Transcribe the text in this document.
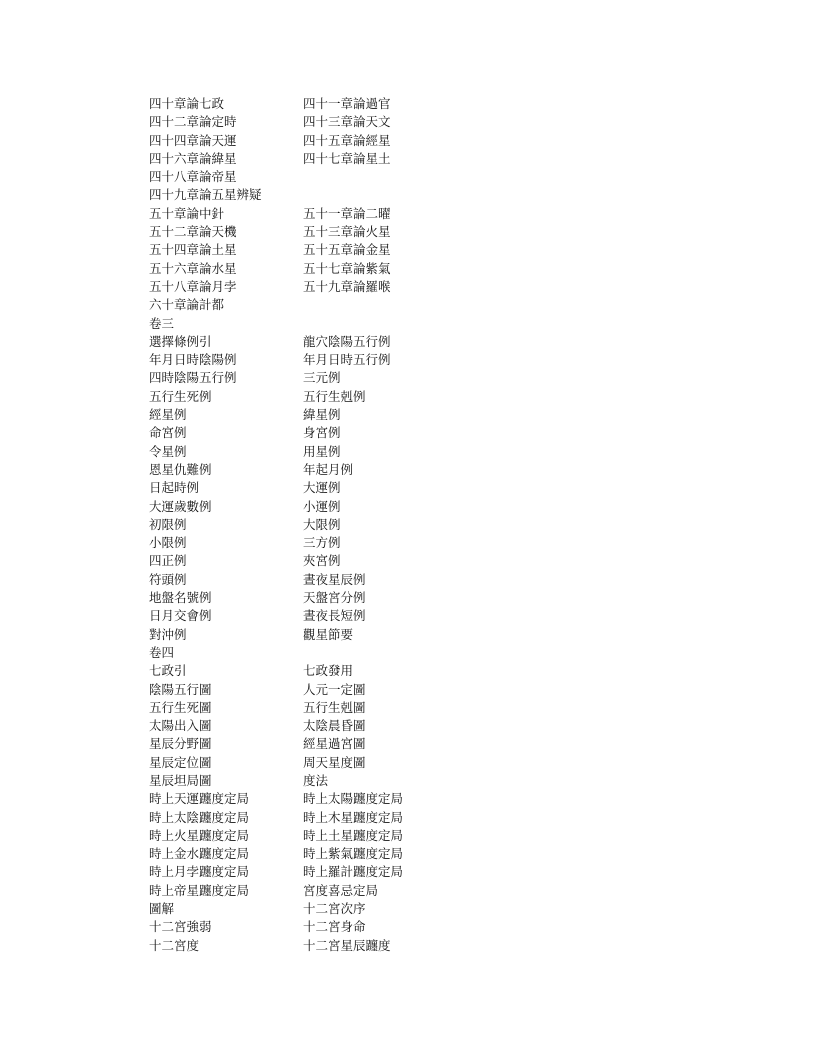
四十章論七政	四十一章論過官
四十二章論定時	四十三章論天文
四十四章論天運	四十五章論經星
四十六章論緯星	四十七章論星土
四十八章論帝星
四十九章論五星辨疑
五十章論中針	五十一章論二曜
五十二章論天機	五十三章論火星
五十四章論土星	五十五章論金星
五十六章論水星	五十七章論紫氣
五十八章論月孛	五十九章論羅喉
六十章論計都
卷三
選擇條例引	龍穴陰陽五行例
年月日時陰陽例	年月日時五行例
四時陰陽五行例	三元例
五行生死例	五行生剋例
經星例	緯星例
命宮例	身宮例
令星例	用星例
恩星仇難例	年起月例
日起時例	大運例
大運歲數例	小運例
初限例	大限例
小限例	三方例
四正例	夾宮例
符頭例	晝夜星辰例
地盤名號例	天盤宮分例
日月交會例	晝夜長短例
對沖例	觀星節要
卷四
七政引	七政發用
陰陽五行圖	人元一定圖
五行生死圖	五行生剋圖
太陽出入圖	太陰晨昏圖
星辰分野圖	經星過宮圖
星辰定位圖	周天星度圖
星辰坦局圖	度法
時上天運躔度定局	時上太陽躔度定局
時上太陰躔度定局	時上木星躔度定局
時上火星躔度定局	時上土星躔度定局
時上金水躔度定局	時上紫氣躔度定局
時上月孛躔度定局	時上羅計躔度定局
時上帝星躔度定局	宮度喜忌定局
圖解	十二宮次序
十二宮強弱	十二宮身命
十二宮度	十二宮星辰躔度
